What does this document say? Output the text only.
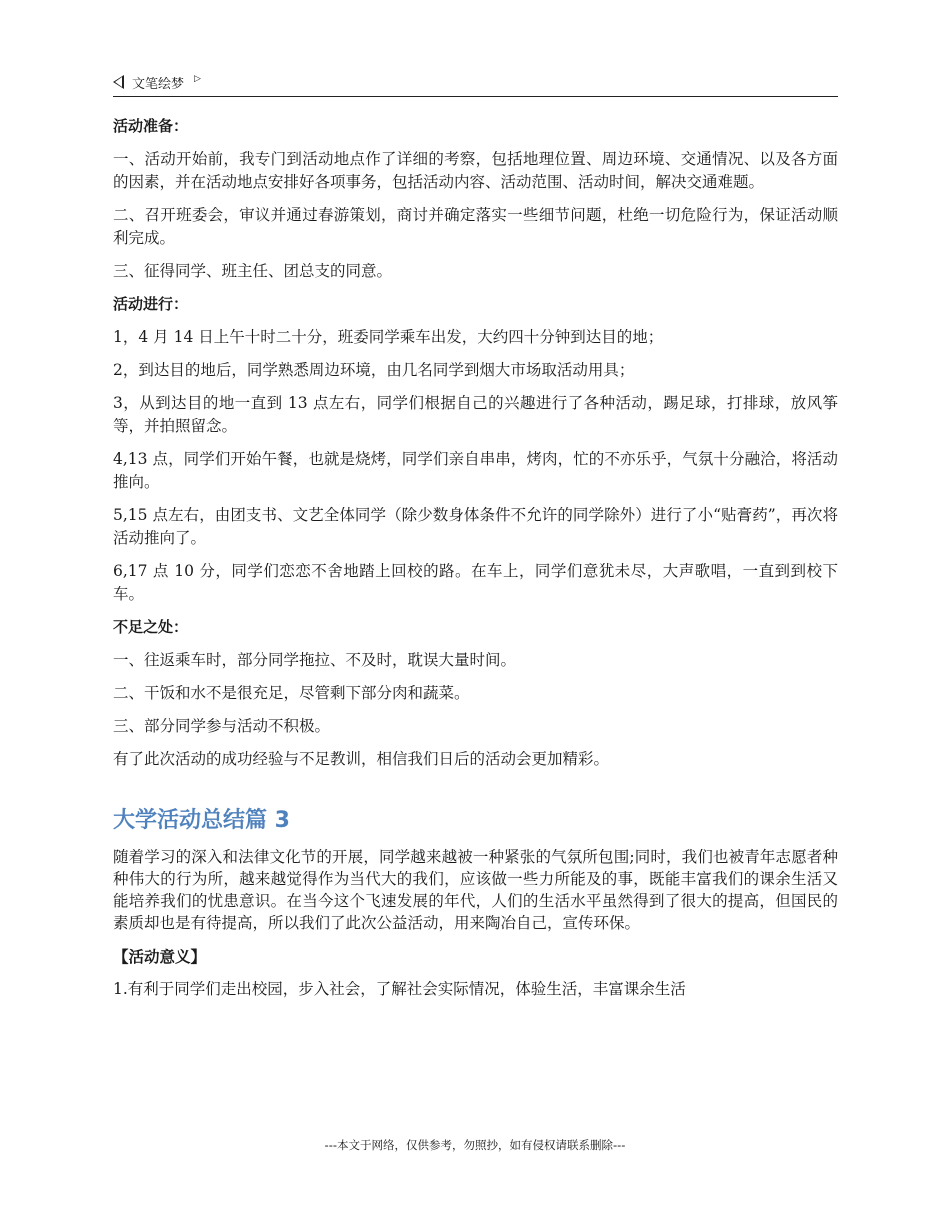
文笔绘梦 ▷

活动准备：

一、活动开始前，我专门到活动地点作了详细的考察，包括地理位置、周边环境、交通情况、以及各方面的因素，并在活动地点安排好各项事务，包括活动内容、活动范围、活动时间，解决交通难题。

二、召开班委会，审议并通过春游策划，商讨并确定落实一些细节问题，杜绝一切危险行为，保证活动顺利完成。

三、征得同学、班主任、团总支的同意。

活动进行：

1，4 月 14 日上午十时二十分，班委同学乘车出发，大约四十分钟到达目的地；

2，到达目的地后，同学熟悉周边环境，由几名同学到烟大市场取活动用具；

3，从到达目的地一直到 13 点左右，同学们根据自己的兴趣进行了各种活动，踢足球，打排球，放风筝等，并拍照留念。

4,13 点，同学们开始午餐，也就是烧烤，同学们亲自串串，烤肉，忙的不亦乐乎，气氛十分融洽，将活动推向。

5,15 点左右，由团支书、文艺全体同学（除少数身体条件不允许的同学除外）进行了小“贴膏药”，再次将活动推向了。

6,17 点 10 分，同学们恋恋不舍地踏上回校的路。在车上，同学们意犹未尽，大声歌唱，一直到到校下车。

不足之处：

一、往返乘车时，部分同学拖拉、不及时，耽误大量时间。

二、干饭和水不是很充足，尽管剩下部分肉和蔬菜。

三、部分同学参与活动不积极。

有了此次活动的成功经验与不足教训，相信我们日后的活动会更加精彩。

大学活动总结篇 3

随着学习的深入和法律文化节的开展，同学越来越被一种紧张的气氛所包围;同时，我们也被青年志愿者种种伟大的行为所，越来越觉得作为当代大的我们，应该做一些力所能及的事，既能丰富我们的课余生活又能培养我们的忧患意识。在当今这个飞速发展的年代，人们的生活水平虽然得到了很大的提高，但国民的素质却也是有待提高，所以我们了此次公益活动，用来陶冶自己，宣传环保。

【活动意义】

1.有利于同学们走出校园，步入社会，了解社会实际情况，体验生活，丰富课余生活

---本文于网络，仅供参考，勿照抄，如有侵权请联系删除---
